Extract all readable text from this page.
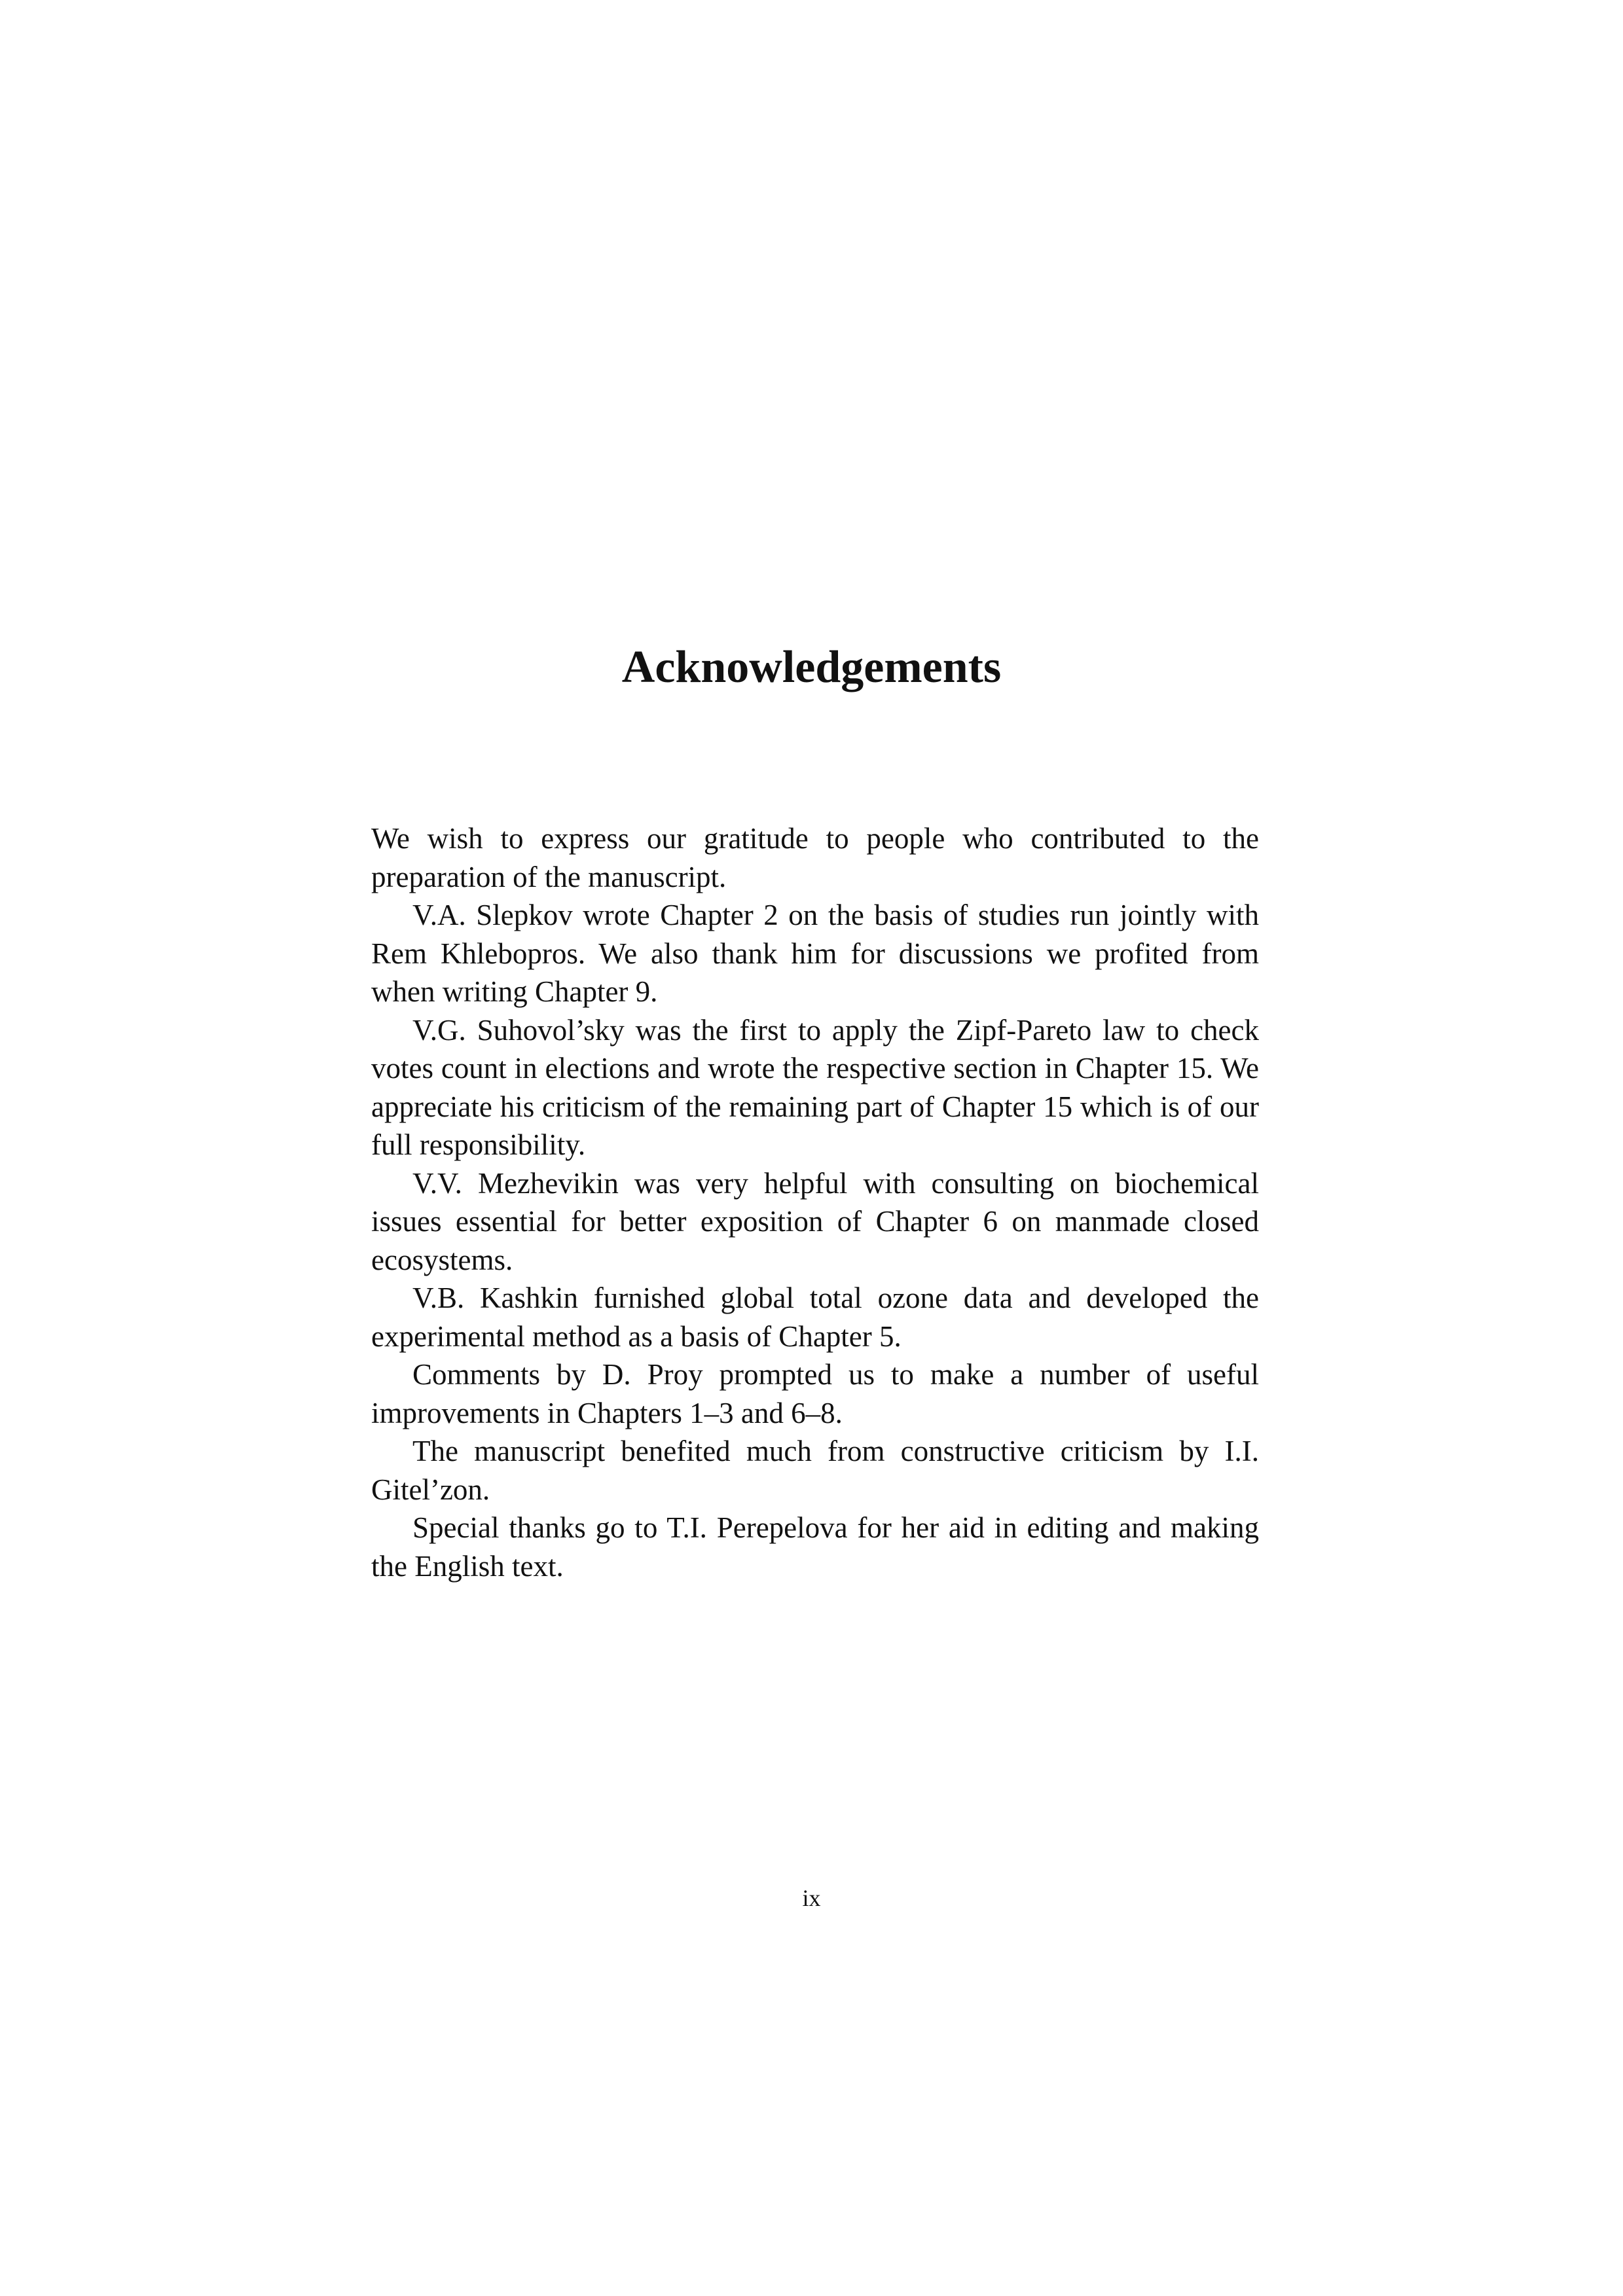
Acknowledgements

We wish to express our gratitude to people who contributed to the preparation of the manuscript.

V.A. Slepkov wrote Chapter 2 on the basis of studies run jointly with Rem Khlebopros. We also thank him for discussions we profited from when writing Chapter 9.

V.G. Suhovol’sky was the first to apply the Zipf-Pareto law to check votes count in elections and wrote the respective section in Chapter 15. We appreciate his criticism of the remaining part of Chapter 15 which is of our full responsibility.

V.V. Mezhevikin was very helpful with consulting on biochemical issues essential for better exposition of Chapter 6 on manmade closed ecosystems.

V.B. Kashkin furnished global total ozone data and developed the experimental method as a basis of Chapter 5.

Comments by D. Proy prompted us to make a number of useful improvements in Chapters 1–3 and 6–8.

The manuscript benefited much from constructive criticism by I.I. Gitel’zon.

Special thanks go to T.I. Perepelova for her aid in editing and making the English text.

ix
